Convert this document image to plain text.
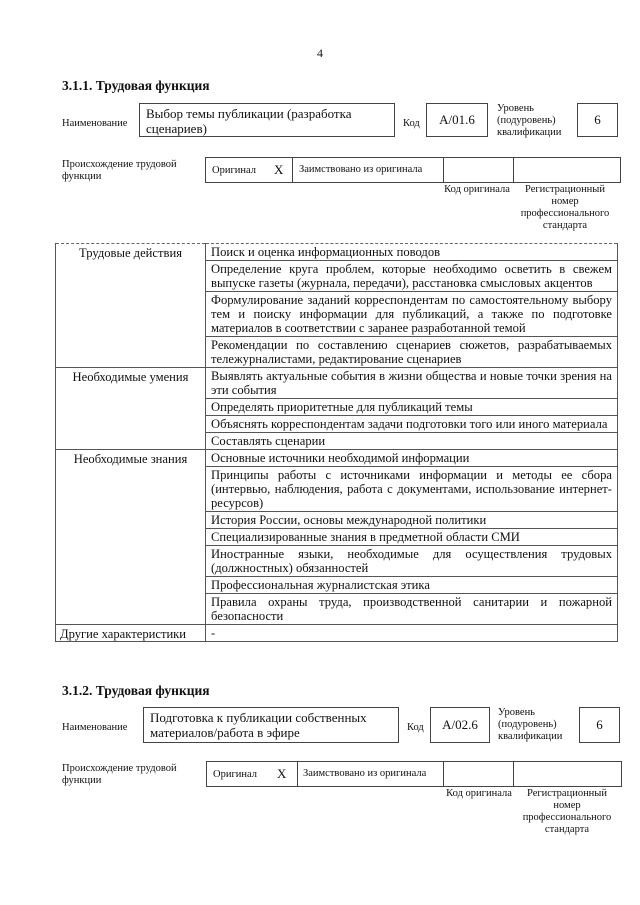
4
3.1.1. Трудовая функция
Наименование
Выбор темы публикации (разработка сценариев)	Код	A/01.6
Уровень (подуровень) квалификации
6
Происхождение трудовой функции
Оригинал X Заимствовано из оригинала
Код оригинала	Регистрационный номер профессионального стандарта
Трудовые действия	Поиск и оценка информационных поводов
	Определение круга проблем, которые необходимо осветить в свежем выпуске газеты (журнала, передачи), расстановка смысловых акцентов
	Формулирование заданий корреспондентам по самостоятельному выбору тем и поиску информации для публикаций, а также по подготовке материалов в соответствии с заранее разработанной темой
	Рекомендации по составлению сценариев сюжетов, разрабатываемых тележурналистами, редактирование сценариев
Необходимые умения	Выявлять актуальные события в жизни общества и новые точки зрения на эти события
	Определять приоритетные для публикаций темы
	Объяснять корреспондентам задачи подготовки того или иного материала
	Составлять сценарии
Необходимые знания	Основные источники необходимой информации
	Принципы работы с источниками информации и методы ее сбора (интервью, наблюдения, работа с документами, использование интернет-ресурсов)
	История России, основы международной политики
	Специализированные знания в предметной области СМИ
	Иностранные языки, необходимые для осуществления трудовых (должностных) обязанностей
	Профессиональная журналистская этика
	Правила охраны труда, производственной санитарии и пожарной безопасности
Другие характеристики	-
3.1.2. Трудовая функция
Наименование
Подготовка к публикации собственных материалов/работа в эфире	Код	A/02.6
Уровень (подуровень) квалификации
6
Происхождение трудовой функции
Оригинал X Заимствовано из оригинала
Код оригинала	Регистрационный номер профессионального стандарта
